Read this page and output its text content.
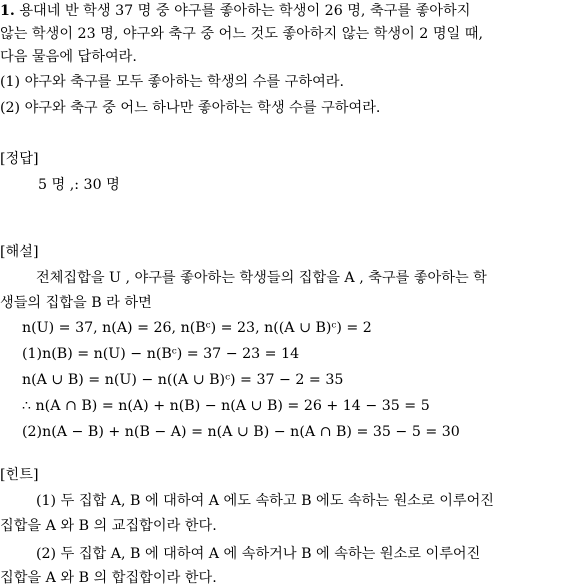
1. 용대네 반 학생 37 명 중 야구를 좋아하는 학생이 26 명, 축구를 좋아하지
않는 학생이 23 명, 야구와 축구 중 어느 것도 좋아하지 않는 학생이 2 명일 때,
다음 물음에 답하여라.
(1) 야구와 축구를 모두 좋아하는 학생의 수를 구하여라.
(2) 야구와 축구 중 어느 하나만 좋아하는 학생 수를 구하여라.
[정답]
5 명 ,: 30 명
[해설]
전체집합을 U , 야구를 좋아하는 학생들의 집합을 A , 축구를 좋아하는 학
생들의 집합을 B 라 하면
n(U) = 37, n(A) = 26, n(Bᶜ) = 23, n((A ∪ B)ᶜ) = 2
(1)n(B) = n(U) − n(Bᶜ) = 37 − 23 = 14
n(A ∪ B) = n(U) − n((A ∪ B)ᶜ) = 37 − 2 = 35
∴ n(A ∩ B) = n(A) + n(B) − n(A ∪ B) = 26 + 14 − 35 = 5
(2)n(A − B) + n(B − A) = n(A ∪ B) − n(A ∩ B) = 35 − 5 = 30
[힌트]
(1) 두 집합 A, B 에 대하여 A 에도 속하고 B 에도 속하는 원소로 이루어진
집합을 A 와 B 의 교집합이라 한다.
(2) 두 집합 A, B 에 대하여 A 에 속하거나 B 에 속하는 원소로 이루어진
집합을 A 와 B 의 합집합이라 한다.
